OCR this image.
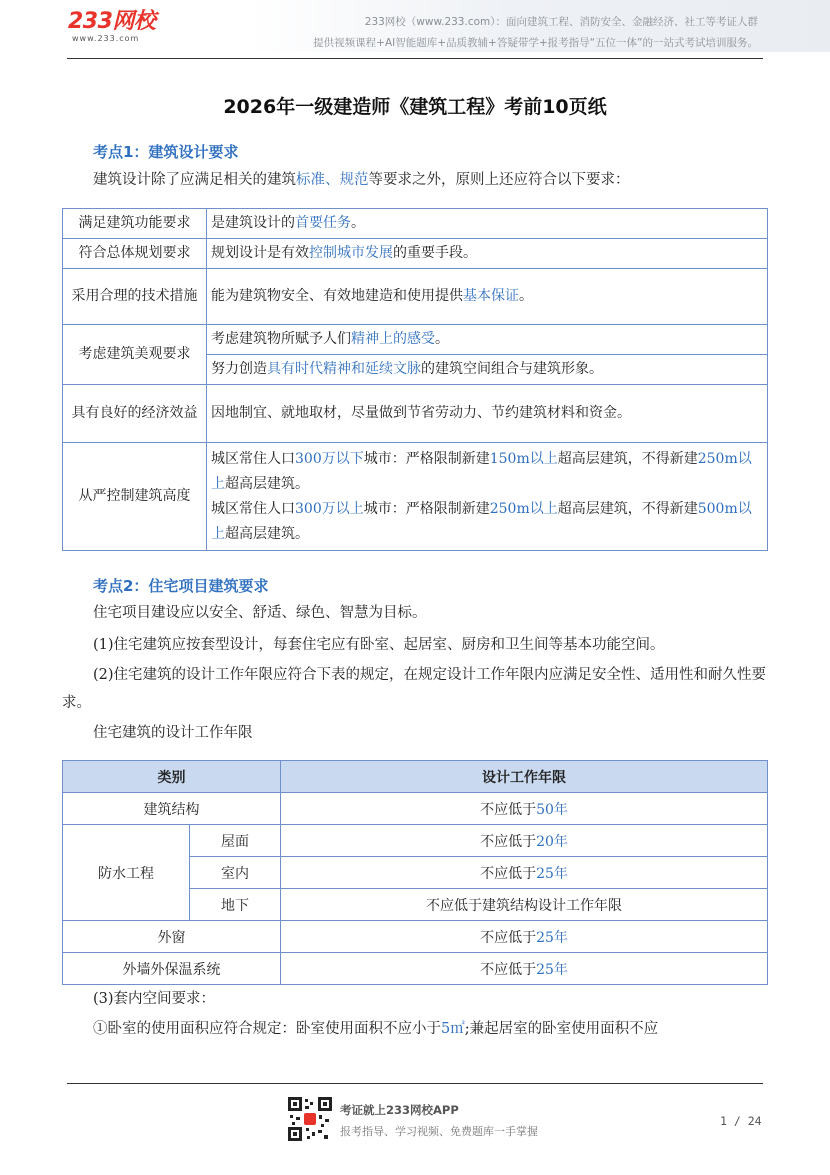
233网校
www.233.com
233网校（www.233.com）：面向建筑工程、消防安全、金融经济、社工等考证人群
提供视频课程+AI智能题库+品质教辅+答疑带学+报考指导“五位一体”的一站式考试培训服务。
2026年一级建造师《建筑工程》考前10页纸
考点1：建筑设计要求

建筑设计除了应满足相关的建筑标准、规范等要求之外，原则上还应符合以下要求：

满足建筑功能要求	是建筑设计的首要任务。
符合总体规划要求	规划设计是有效控制城市发展的重要手段。
采用合理的技术措施	能为建筑物安全、有效地建造和使用提供基本保证。
考虑建筑美观要求	考虑建筑物所赋予人们精神上的感受。
	努力创造具有时代精神和延续文脉的建筑空间组合与建筑形象。
具有良好的经济效益	因地制宜、就地取材，尽量做到节省劳动力、节约建筑材料和资金。
从严控制建筑高度	城区常住人口300万以下城市：严格限制新建150m以上超高层建筑，不得新建250m以上超高层建筑。
城区常住人口300万以上城市：严格限制新建250m以上超高层建筑，不得新建500m以上超高层建筑。
考点2：住宅项目建筑要求

住宅项目建设应以安全、舒适、绿色、智慧为目标。

(1)住宅建筑应按套型设计，每套住宅应有卧室、起居室、厨房和卫生间等基本功能空间。

(2)住宅建筑的设计工作年限应符合下表的规定，在规定设计工作年限内应满足安全性、适用性和耐久性要求。

住宅建筑的设计工作年限

类别		设计工作年限
建筑结构		不应低于50年
防水工程	屋面	不应低于20年
	室内	不应低于25年
	地下	不应低于建筑结构设计工作年限
外窗		不应低于25年
外墙外保温系统		不应低于25年

(3)套内空间要求：

①卧室的使用面积应符合规定：卧室使用面积不应小于5㎡;兼起居室的卧室使用面积不应

考证就上233网校APP
报考指导、学习视频、免费题库一手掌握
1 / 24
